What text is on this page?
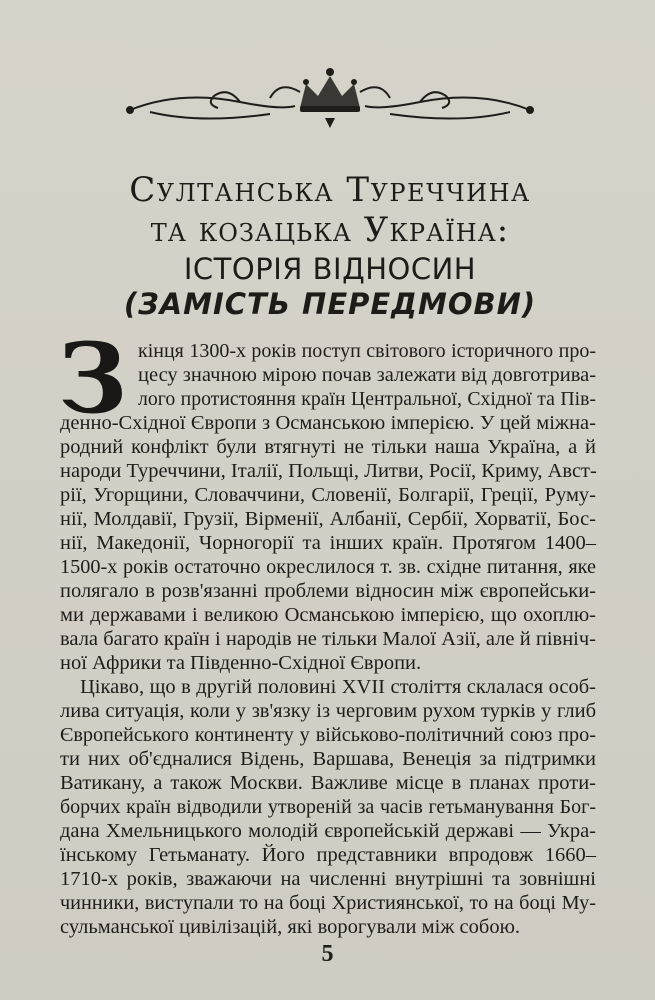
Султанська Туреччина
та козацька Україна:
ІСТОРІЯ ВІДНОСИН
(ЗАМІСТЬ ПЕРЕДМОВИ)
З кінця 1300-х років поступ світового історичного про-
цесу значною мірою почав залежати від довготрива-
лого протистояння країн Центральної, Східної та Пів-
денно-Східної Європи з Османською імперією. У цей міжна-
родний конфлікт були втягнуті не тільки наша Україна, а й
народи Туреччини, Італії, Польщі, Литви, Росії, Криму, Авст-
рії, Угорщини, Словаччини, Словенії, Болгарії, Греції, Руму-
нії, Молдавії, Грузії, Вірменії, Албанії, Сербії, Хорватії, Бос-
нії, Македонії, Чорногорії та інших країн. Протягом 1400–
1500-х років остаточно окреслилося т. зв. східне питання, яке
полягало в розв'язанні проблеми відносин між європейськи-
ми державами і великою Османською імперією, що охоплю-
вала багато країн і народів не тільки Малої Азії, але й північ-
ної Африки та Південно-Східної Європи.
Цікаво, що в другій половині XVII століття склалася особ-
лива ситуація, коли у зв'язку із черговим рухом турків у глиб
Європейського континенту у військово-політичний союз про-
ти них об'єдналися Відень, Варшава, Венеція за підтримки
Ватикану, а також Москви. Важливе місце в планах проти-
борчих країн відводили утвореній за часів гетьманування Бог-
дана Хмельницького молодій європейській державі — Укра-
їнському Гетьманату. Його представники впродовж 1660–
1710-х років, зважаючи на численні внутрішні та зовнішні
чинники, виступали то на боці Християнської, то на боці Му-
сульманської цивілізацій, які ворогували між собою.
5
